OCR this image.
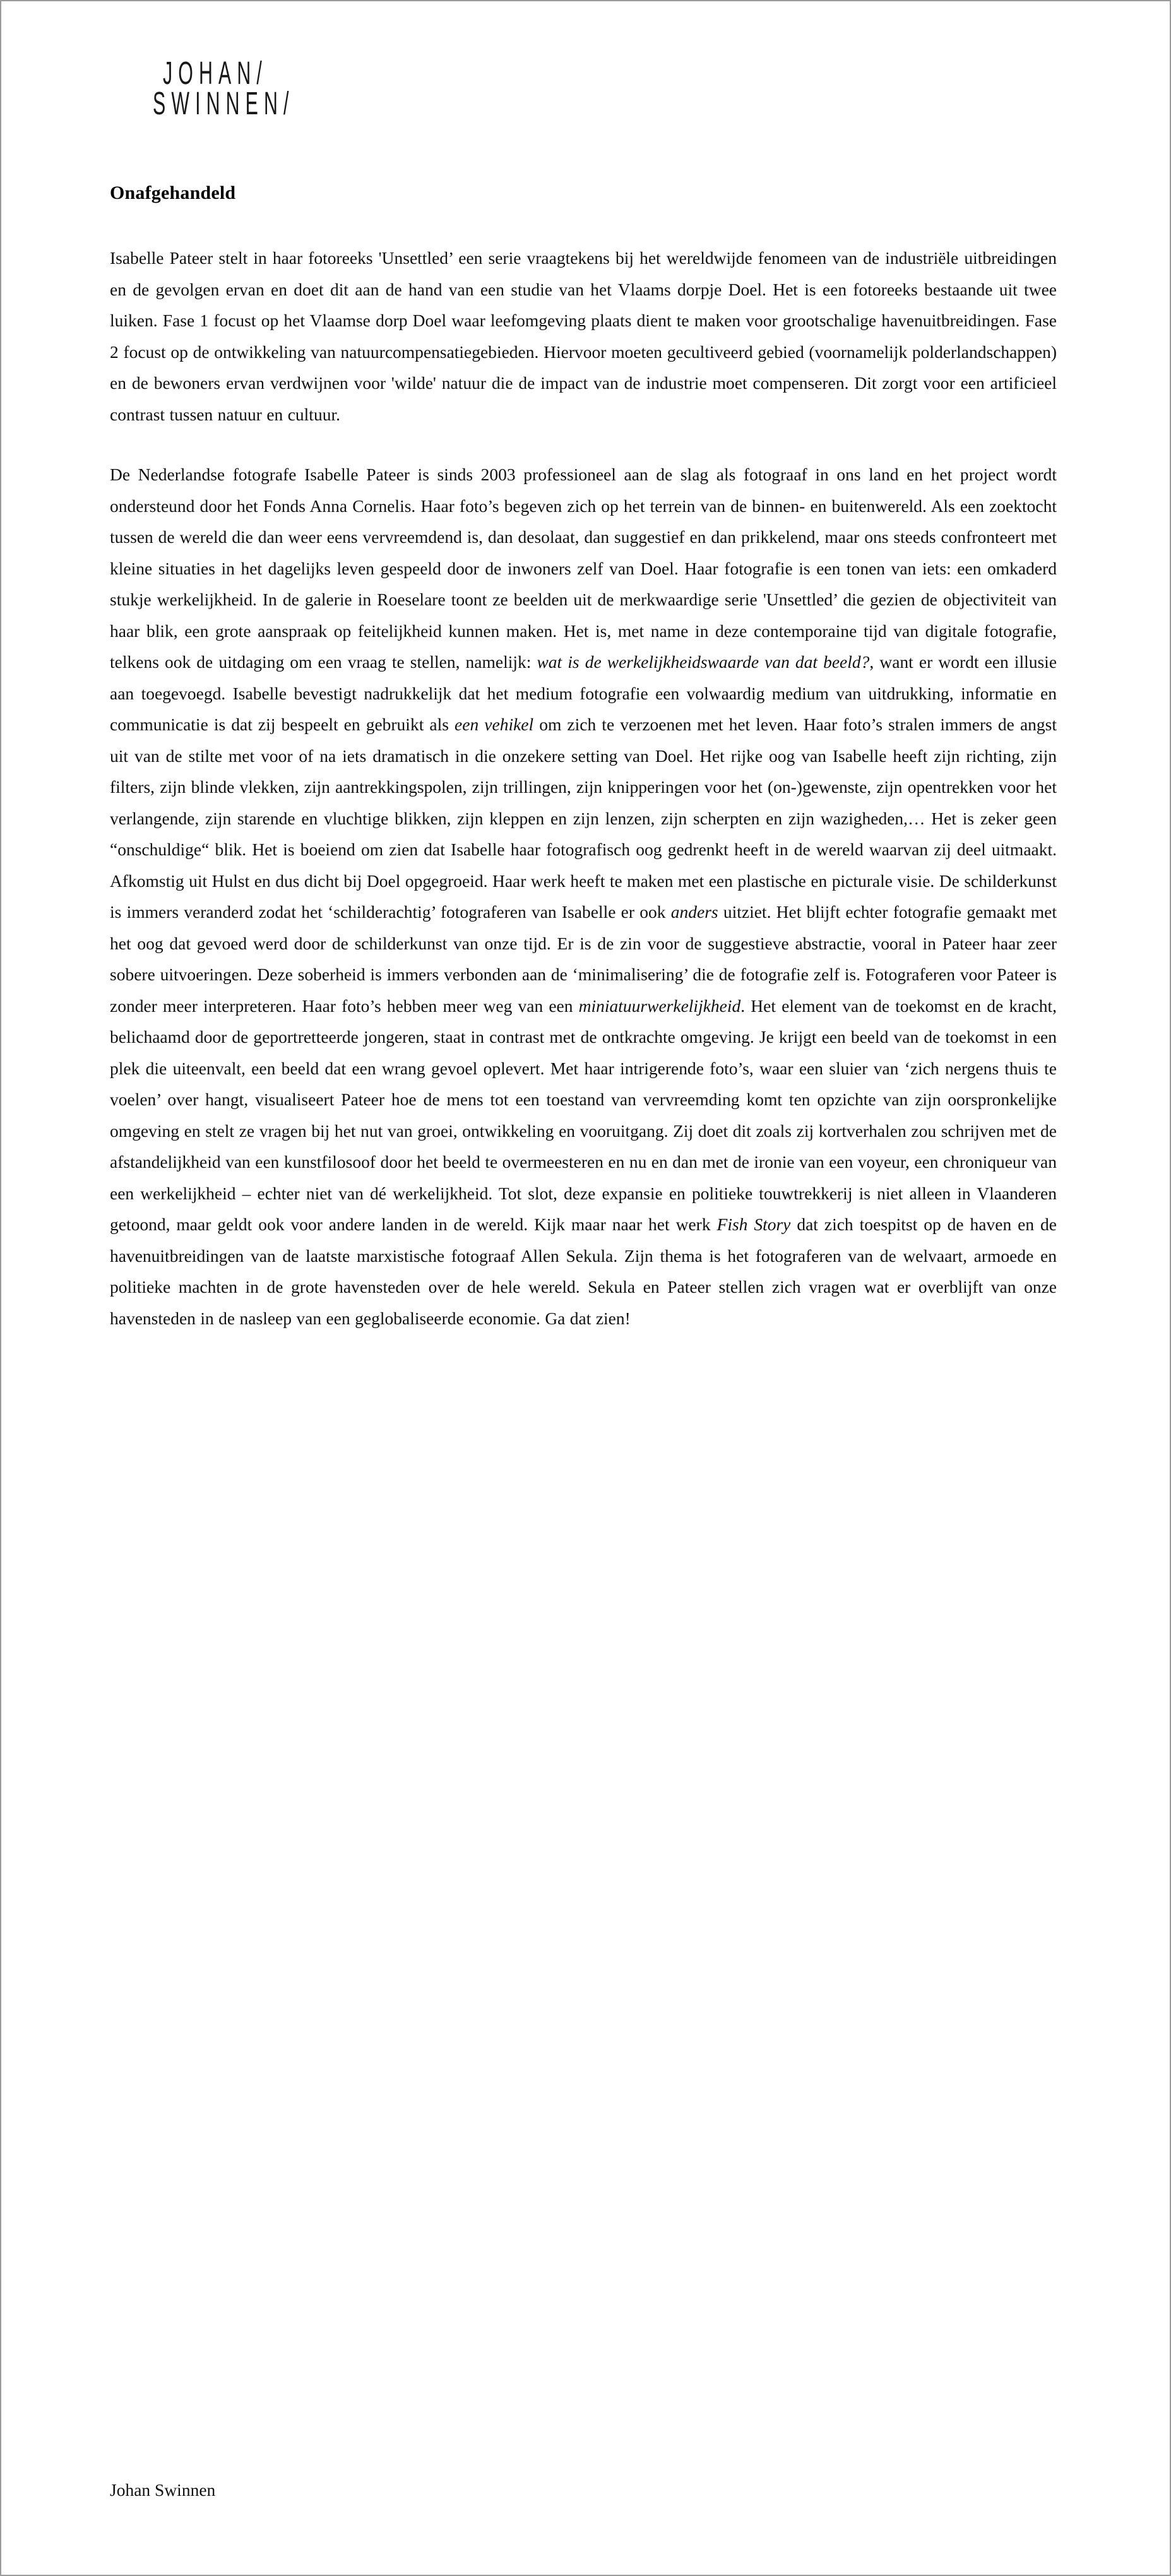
JOHAN/
SWINNEN/
Onafgehandeld

Isabelle Pateer stelt in haar fotoreeks 'Unsettled’ een serie vraagtekens bij het wereldwijde fenomeen van de industriële uitbreidingen en de gevolgen ervan en doet dit aan de hand van een studie van het Vlaams dorpje Doel. Het is een fotoreeks bestaande uit twee luiken. Fase 1 focust op het Vlaamse dorp Doel waar leefomgeving plaats dient te maken voor grootschalige havenuitbreidingen. Fase 2 focust op de ontwikkeling van natuurcompensatiegebieden. Hiervoor moeten gecultiveerd gebied (voornamelijk polderlandschappen) en de bewoners ervan verdwijnen voor 'wilde' natuur die de impact van de industrie moet compenseren. Dit zorgt voor een artificieel contrast tussen natuur en cultuur.

De Nederlandse fotografe Isabelle Pateer is sinds 2003 professioneel aan de slag als fotograaf in ons land en het project wordt ondersteund door het Fonds Anna Cornelis. Haar foto’s begeven zich op het terrein van de binnen- en buitenwereld. Als een zoektocht tussen de wereld die dan weer eens vervreemdend is, dan desolaat, dan suggestief en dan prikkelend, maar ons steeds confronteert met kleine situaties in het dagelijks leven gespeeld door de inwoners zelf van Doel. Haar fotografie is een tonen van iets: een omkaderd stukje werkelijkheid. In de galerie in Roeselare toont ze beelden uit de merkwaardige serie 'Unsettled’ die gezien de objectiviteit van haar blik, een grote aanspraak op feitelijkheid kunnen maken. Het is, met name in deze contemporaine tijd van digitale fotografie, telkens ook de uitdaging om een vraag te stellen, namelijk: wat is de werkelijkheidswaarde van dat beeld?, want er wordt een illusie aan toegevoegd. Isabelle bevestigt nadrukkelijk dat het medium fotografie een volwaardig medium van uitdrukking, informatie en communicatie is dat zij bespeelt en gebruikt als een vehikel om zich te verzoenen met het leven. Haar foto’s stralen immers de angst uit van de stilte met voor of na iets dramatisch in die onzekere setting van Doel. Het rijke oog van Isabelle heeft zijn richting, zijn filters, zijn blinde vlekken, zijn aantrekkingspolen, zijn trillingen, zijn knipperingen voor het (on-)gewenste, zijn opentrekken voor het verlangende, zijn starende en vluchtige blikken, zijn kleppen en zijn lenzen, zijn scherpten en zijn wazigheden,… Het is zeker geen “onschuldige“ blik. Het is boeiend om zien dat Isabelle haar fotografisch oog gedrenkt heeft in de wereld waarvan zij deel uitmaakt. Afkomstig uit Hulst en dus dicht bij Doel opgegroeid. Haar werk heeft te maken met een plastische en picturale visie. De schilderkunst is immers veranderd zodat het ‘schilderachtig’ fotograferen van Isabelle er ook anders uitziet. Het blijft echter fotografie gemaakt met het oog dat gevoed werd door de schilderkunst van onze tijd. Er is de zin voor de suggestieve abstractie, vooral in Pateer haar zeer sobere uitvoeringen. Deze soberheid is immers verbonden aan de ‘minimalisering’ die de fotografie zelf is. Fotograferen voor Pateer is zonder meer interpreteren. Haar foto’s hebben meer weg van een miniatuurwerkelijkheid. Het element van de toekomst en de kracht, belichaamd door de geportretteerde jongeren, staat in contrast met de ontkrachte omgeving. Je krijgt een beeld van de toekomst in een plek die uiteenvalt, een beeld dat een wrang gevoel oplevert. Met haar intrigerende foto’s, waar een sluier van ‘zich nergens thuis te voelen’ over hangt, visualiseert Pateer hoe de mens tot een toestand van vervreemding komt ten opzichte van zijn oorspronkelijke omgeving en stelt ze vragen bij het nut van groei, ontwikkeling en vooruitgang. Zij doet dit zoals zij kortverhalen zou schrijven met de afstandelijkheid van een kunstfilosoof door het beeld te overmeesteren en nu en dan met de ironie van een voyeur, een chroniqueur van een werkelijkheid – echter niet van dé werkelijkheid. Tot slot, deze expansie en politieke touwtrekkerij is niet alleen in Vlaanderen getoond, maar geldt ook voor andere landen in de wereld. Kijk maar naar het werk Fish Story dat zich toespitst op de haven en de havenuitbreidingen van de laatste marxistische fotograaf Allen Sekula. Zijn thema is het fotograferen van de welvaart, armoede en politieke machten in de grote havensteden over de hele wereld. Sekula en Pateer stellen zich vragen wat er overblijft van onze havensteden in de nasleep van een geglobaliseerde economie. Ga dat zien!

Johan Swinnen
